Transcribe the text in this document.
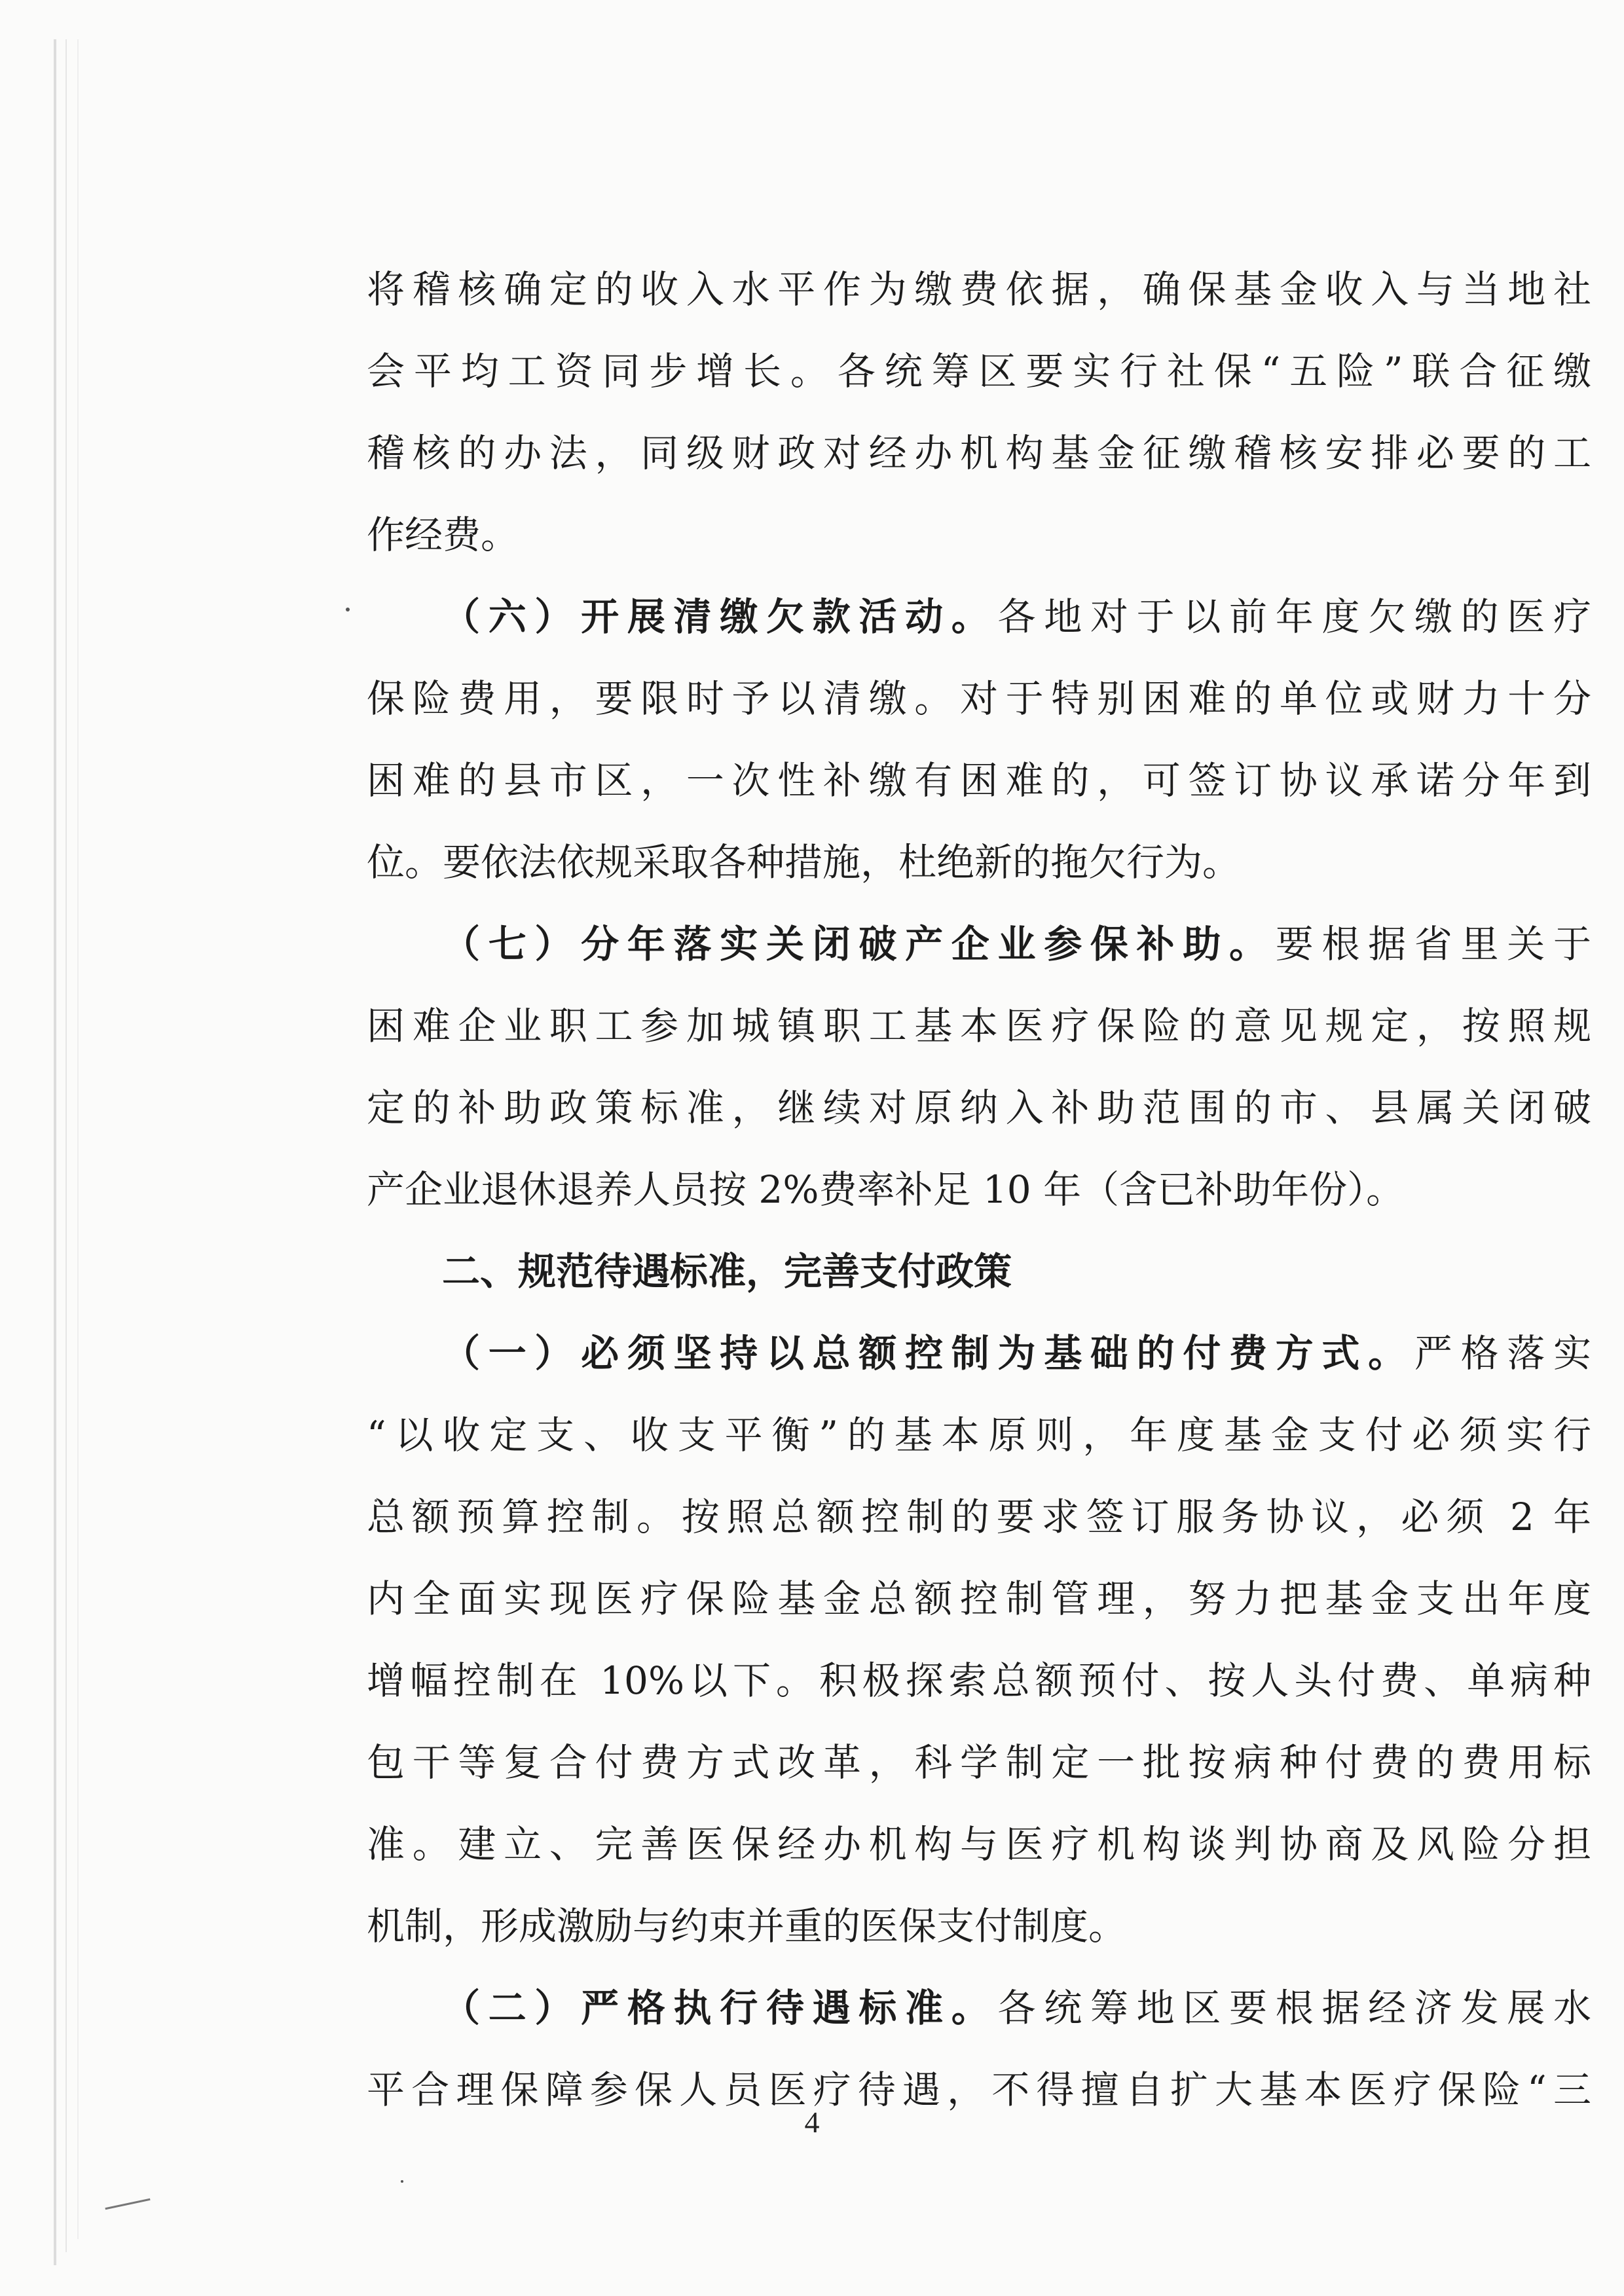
将稽核确定的收入水平作为缴费依据，确保基金收入与当地社
会平均工资同步增长。各统筹区要实行社保“五险”联合征缴
稽核的办法，同级财政对经办机构基金征缴稽核安排必要的工
作经费。
（六）开展清缴欠款活动。各地对于以前年度欠缴的医疗
保险费用，要限时予以清缴。对于特别困难的单位或财力十分
困难的县市区，一次性补缴有困难的，可签订协议承诺分年到
位。要依法依规采取各种措施，杜绝新的拖欠行为。
（七）分年落实关闭破产企业参保补助。要根据省里关于
困难企业职工参加城镇职工基本医疗保险的意见规定，按照规
定的补助政策标准，继续对原纳入补助范围的市、县属关闭破
产企业退休退养人员按 2%费率补足 10 年（含已补助年份）。
二、规范待遇标准，完善支付政策
（一）必须坚持以总额控制为基础的付费方式。严格落实
“以收定支、收支平衡”的基本原则，年度基金支付必须实行
总额预算控制。按照总额控制的要求签订服务协议，必须 2 年
内全面实现医疗保险基金总额控制管理，努力把基金支出年度
增幅控制在 10%以下。积极探索总额预付、按人头付费、单病种
包干等复合付费方式改革，科学制定一批按病种付费的费用标
准。建立、完善医保经办机构与医疗机构谈判协商及风险分担
机制，形成激励与约束并重的医保支付制度。
（二）严格执行待遇标准。各统筹地区要根据经济发展水
平合理保障参保人员医疗待遇，不得擅自扩大基本医疗保险“三
4
